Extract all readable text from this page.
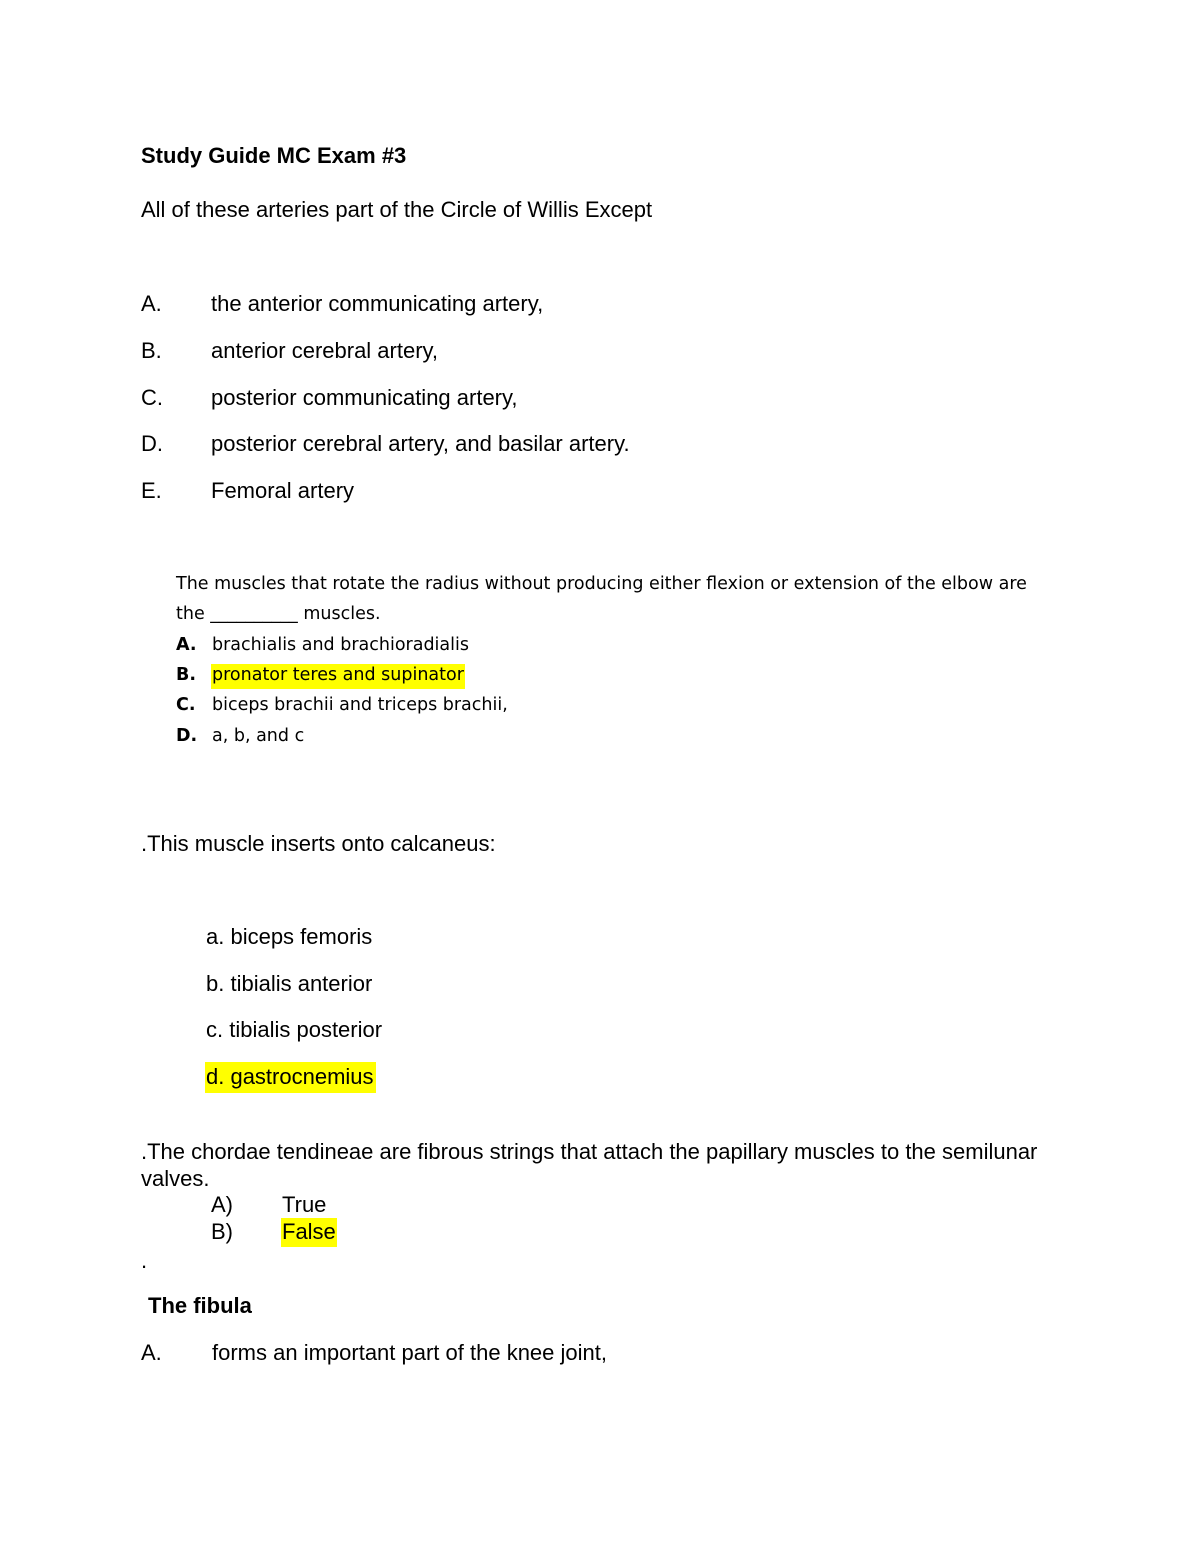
Study Guide MC Exam #3
All of these arteries part of the Circle of Willis Except
A. the anterior communicating artery,
B. anterior cerebral artery,
C. posterior communicating artery,
D. posterior cerebral artery, and basilar artery.
E. Femoral artery
The muscles that rotate the radius without producing either flexion or extension of the elbow are
the __________ muscles.
A. brachialis and brachioradialis
B. pronator teres and supinator
C. biceps brachii and triceps brachii,
D. a, b, and c
.This muscle inserts onto calcaneus:
a. biceps femoris
b. tibialis anterior
c. tibialis posterior
d. gastrocnemius
.The chordae tendineae are fibrous strings that attach the papillary muscles to the semilunar
valves.
A) True
B) False
.
The fibula
A. forms an important part of the knee joint,
